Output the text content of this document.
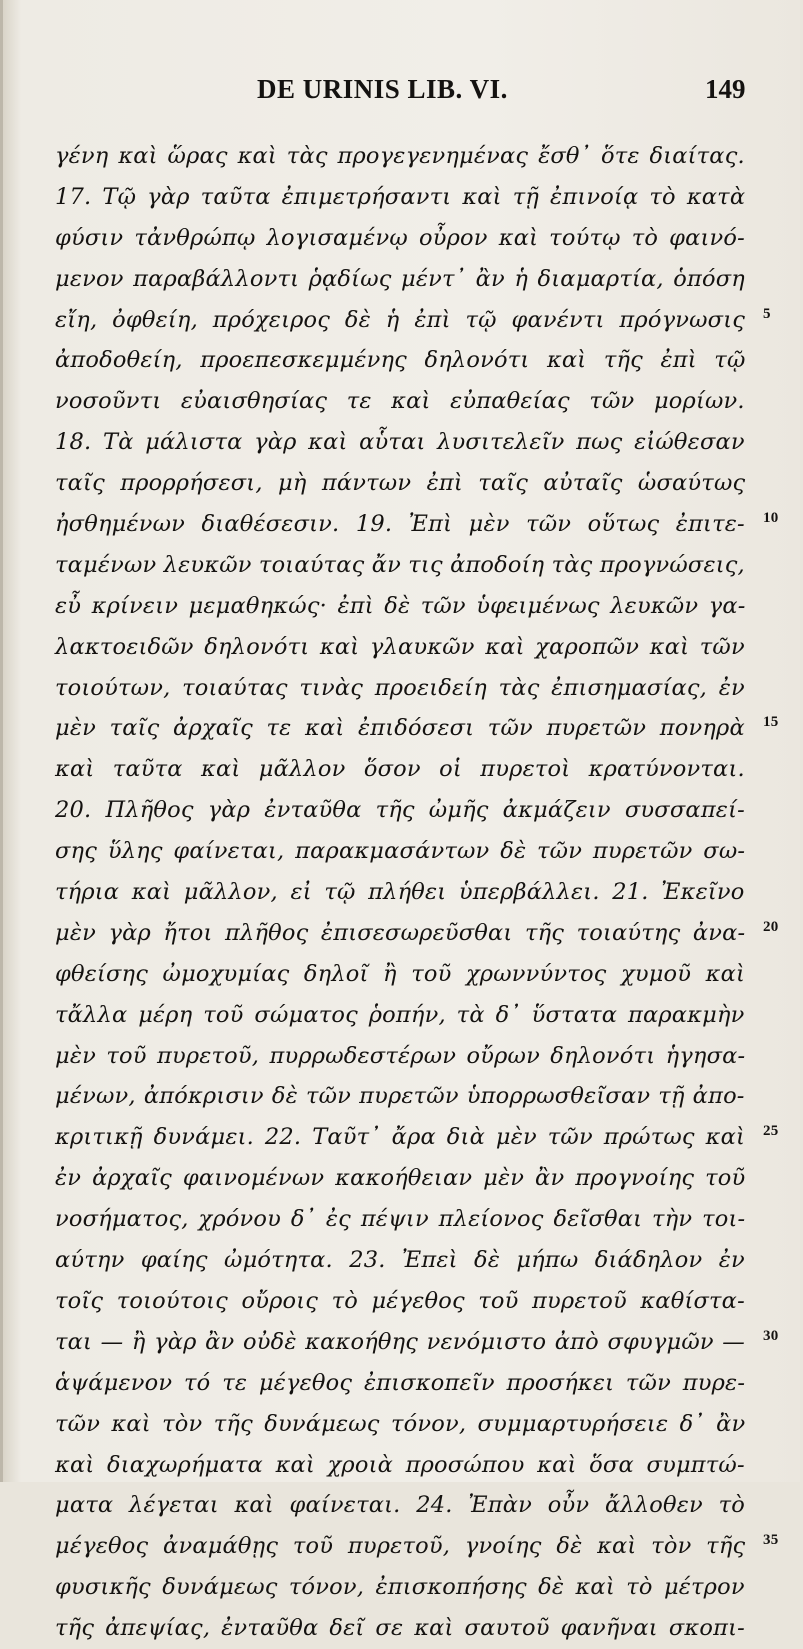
DE URINIS LIB. VI.	149
γένη καὶ ὥρας καὶ τὰς προγεγενημένας ἔσθ᾽ ὅτε διαίτας.
17. Τῷ γὰρ ταῦτα ἐπιμετρήσαντι καὶ τῇ ἐπινοίᾳ τὸ κατὰ
φύσιν τἀνθρώπῳ λογισαμένῳ οὖρον καὶ τούτῳ τὸ φαινό-
μενον παραβάλλοντι ῥᾳδίως μέντ᾽ ἂν ἡ διαμαρτία, ὁπόση
εἴη, ὀφθείη, πρόχειρος δὲ ἡ ἐπὶ τῷ φανέντι πρόγνωσις 5
ἀποδοθείη, προεπεσκεμμένης δηλονότι καὶ τῆς ἐπὶ τῷ
νοσοῦντι εὐαισθησίας τε καὶ εὐπαθείας τῶν μορίων.
18. Τὰ μάλιστα γὰρ καὶ αὗται λυσιτελεῖν πως εἰώθεσαν
ταῖς προρρήσεσι, μὴ πάντων ἐπὶ ταῖς αὐταῖς ὡσαύτως
ἠσθημένων διαθέσεσιν. 19. Ἐπὶ μὲν τῶν οὕτως ἐπιτε- 10
ταμένων λευκῶν τοιαύτας ἄν τις ἀποδοίη τὰς προγνώσεις,
εὖ κρίνειν μεμαθηκώς· ἐπὶ δὲ τῶν ὑφειμένως λευκῶν γα-
λακτοειδῶν δηλονότι καὶ γλαυκῶν καὶ χαροπῶν καὶ τῶν
τοιούτων, τοιαύτας τινὰς προειδείη τὰς ἐπισημασίας, ἐν
μὲν ταῖς ἀρχαῖς τε καὶ ἐπιδόσεσι τῶν πυρετῶν πονηρὰ 15
καὶ ταῦτα καὶ μᾶλλον ὅσον οἱ πυρετοὶ κρατύνονται.
20. Πλῆθος γὰρ ἐνταῦθα τῆς ὠμῆς ἀκμάζειν συσσαπεί-
σης ὕλης φαίνεται, παρακμασάντων δὲ τῶν πυρετῶν σω-
τήρια καὶ μᾶλλον, εἰ τῷ πλήθει ὑπερβάλλει. 21. Ἐκεῖνο
μὲν γὰρ ἤτοι πλῆθος ἐπισεσωρεῦσθαι τῆς τοιαύτης ἀνα- 20
φθείσης ὠμοχυμίας δηλοῖ ἢ τοῦ χρωννύντος χυμοῦ καὶ
τἄλλα μέρη τοῦ σώματος ῥοπήν, τὰ δ᾽ ὕστατα παρακμὴν
μὲν τοῦ πυρετοῦ, πυρρωδεστέρων οὔρων δηλονότι ἡγησα-
μένων, ἀπόκρισιν δὲ τῶν πυρετῶν ὑπορρωσθεῖσαν τῇ ἀπο-
κριτικῇ δυνάμει. 22. Ταῦτ᾽ ἄρα διὰ μὲν τῶν πρώτως καὶ 25
ἐν ἀρχαῖς φαινομένων κακοήθειαν μὲν ἂν προγνοίης τοῦ
νοσήματος, χρόνου δ᾽ ἐς πέψιν πλείονος δεῖσθαι τὴν τοι-
αύτην φαίης ὠμότητα. 23. Ἐπεὶ δὲ μήπω διάδηλον ἐν
τοῖς τοιούτοις οὔροις τὸ μέγεθος τοῦ πυρετοῦ καθίστα-
ται — ἢ γὰρ ἂν οὐδὲ κακοήθης νενόμιστο ἀπὸ σφυγμῶν — 30
ἁψάμενον τό τε μέγεθος ἐπισκοπεῖν προσήκει τῶν πυρε-
τῶν καὶ τὸν τῆς δυνάμεως τόνον, συμμαρτυρήσειε δ᾽ ἂν
καὶ διαχωρήματα καὶ χροιὰ προσώπου καὶ ὅσα συμπτώ-
ματα λέγεται καὶ φαίνεται. 24. Ἐπὰν οὖν ἄλλοθεν τὸ
μέγεθος ἀναμάθῃς τοῦ πυρετοῦ, γνοίης δὲ καὶ τὸν τῆς 35
φυσικῆς δυνάμεως τόνον, ἐπισκοπήσης δὲ καὶ τὸ μέτρον
τῆς ἀπεψίας, ἐνταῦθα δεῖ σε καὶ σαυτοῦ φανῆναι σκοπι-
